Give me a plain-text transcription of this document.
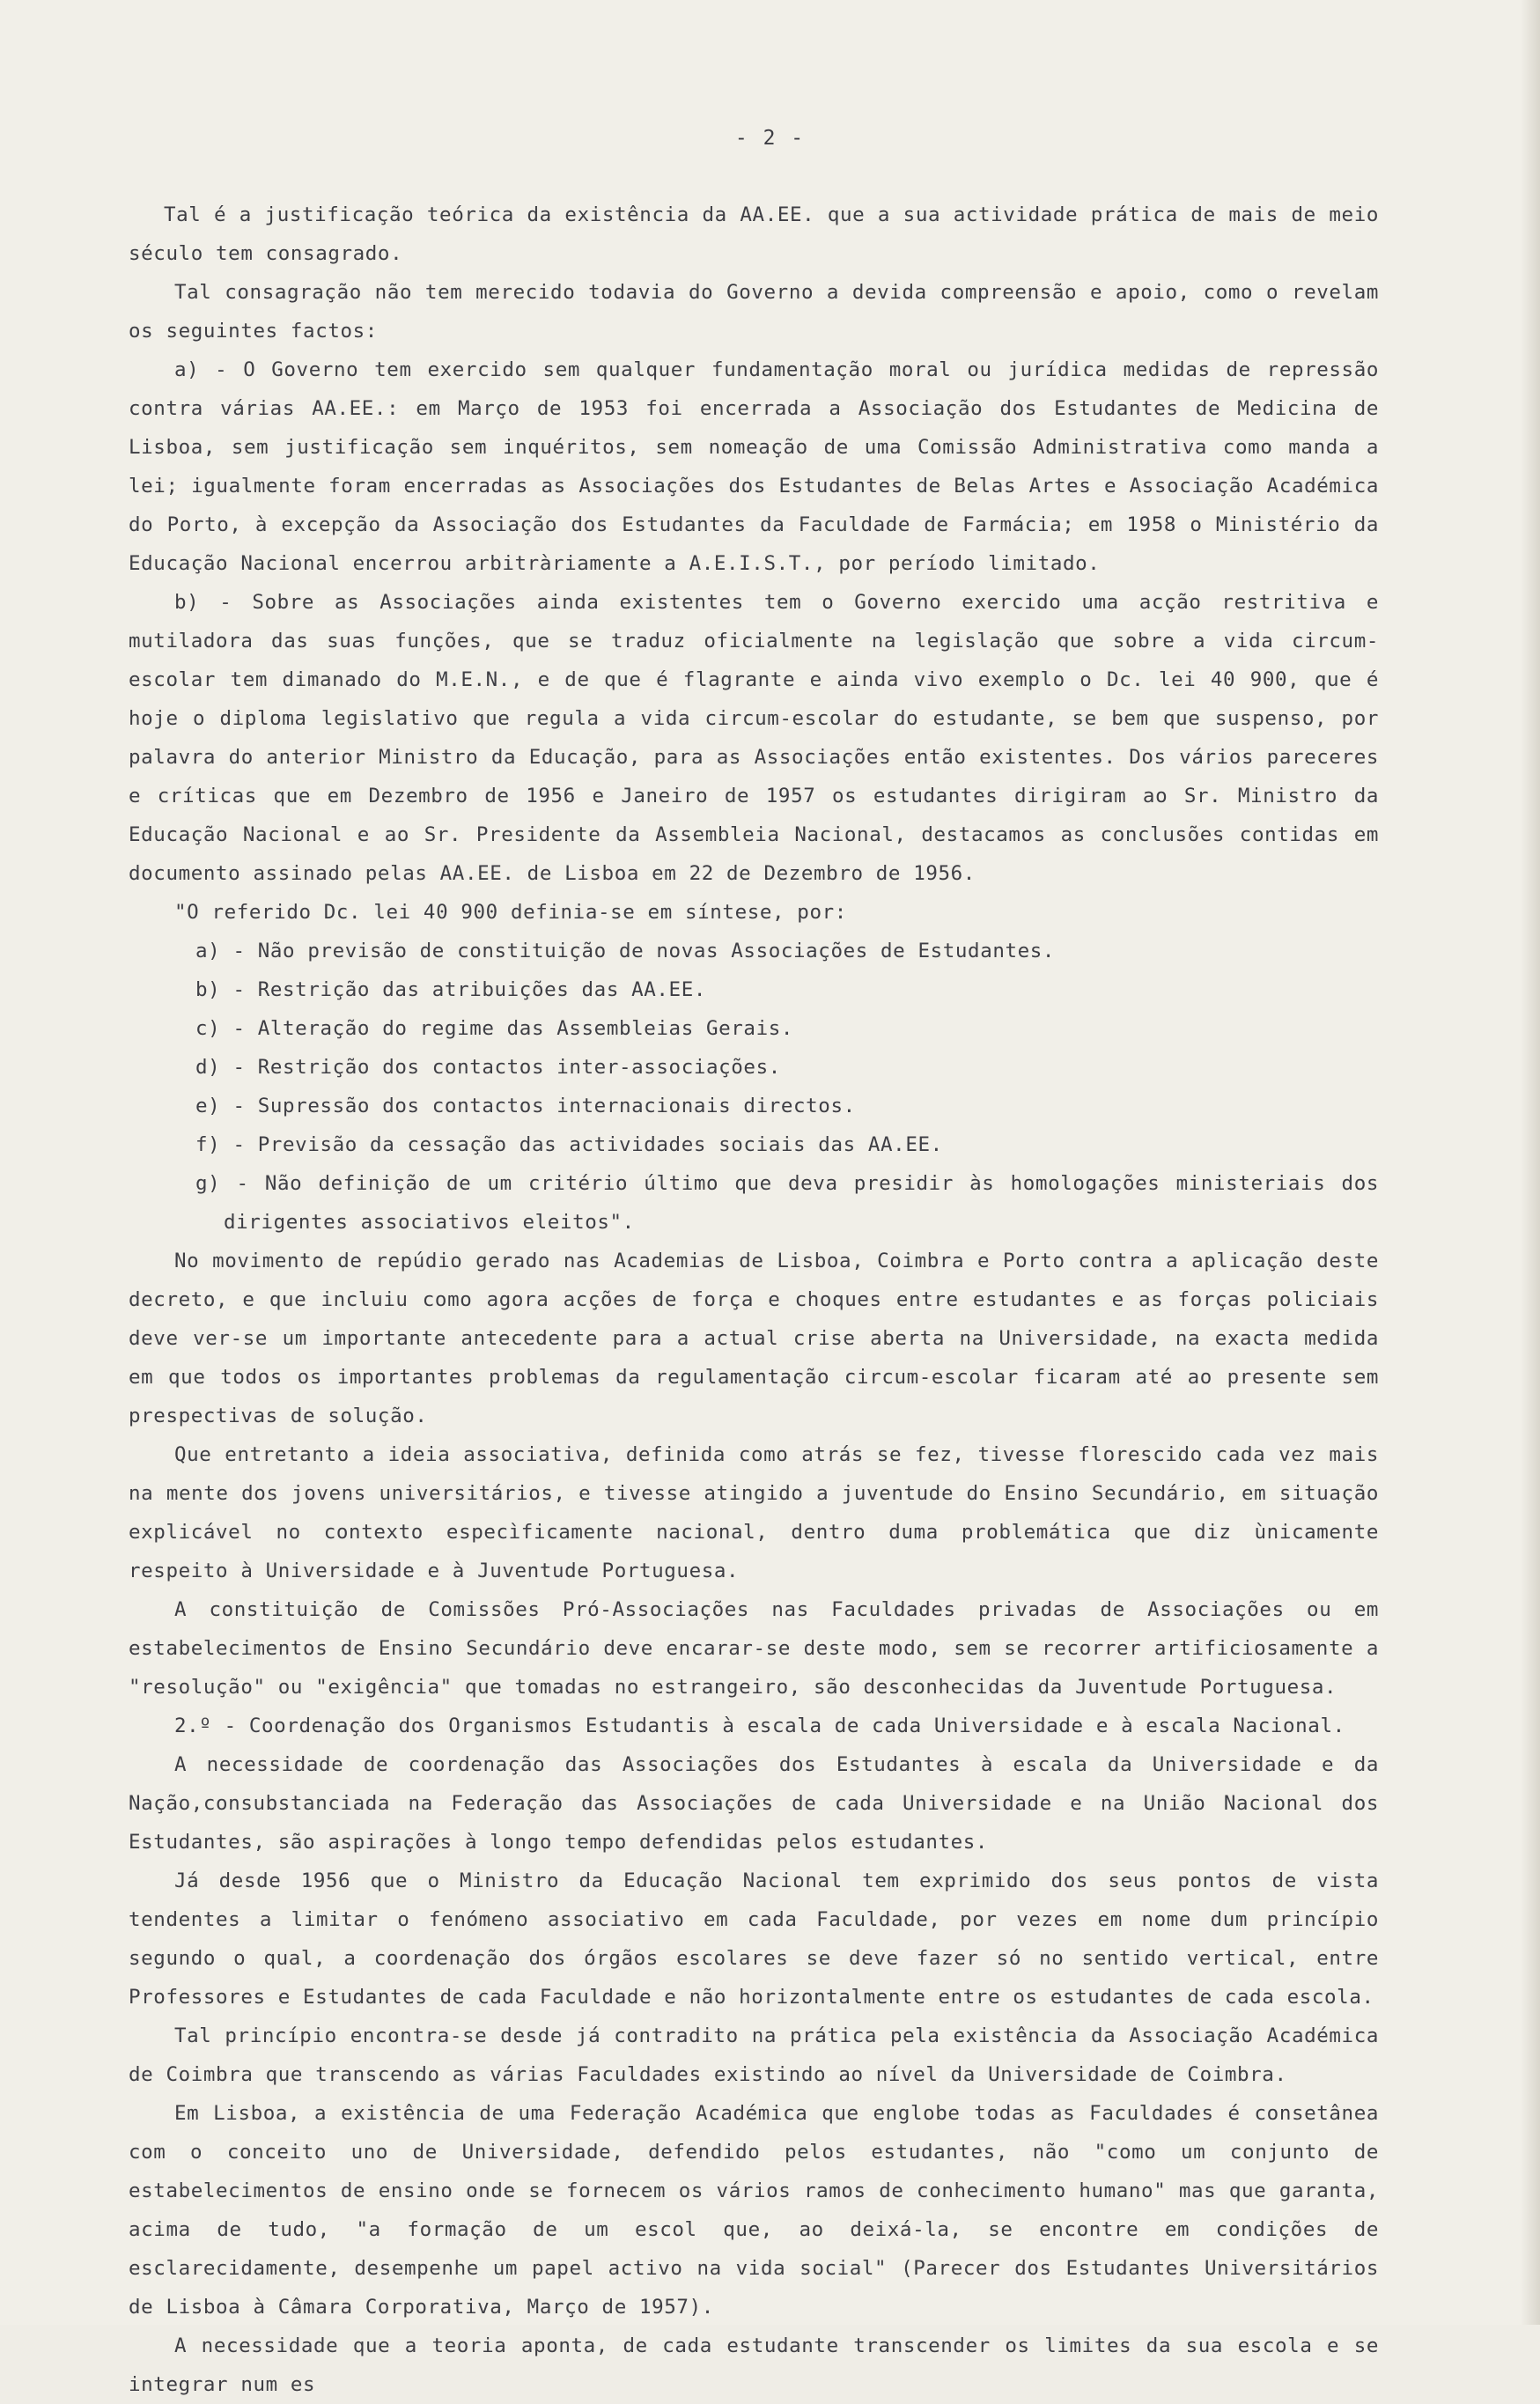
- 2 -

Tal é a justificação teórica da existência da AA.EE. que a sua actividade prática de mais de meio século tem consagrado.

Tal consagração não tem merecido todavia do Governo a devida compreensão e apoio, como o revelam os seguintes factos:

a) - O Governo tem exercido sem qualquer fundamentação moral ou jurídica medidas de repressão contra várias AA.EE.: em Março de 1953 foi encerrada a Associação dos Estudantes de Medicina de Lisboa, sem justificação sem inquéritos, sem nomeação de uma Comissão Administrativa como manda a lei; igualmente foram encerradas as Associações dos Estudantes de Belas Artes e Associação Académica do Porto, à excepção da Associação dos Estudantes da Faculdade de Farmácia; em 1958 o Ministério da Educação Nacional encerrou arbitràriamente a A.E.I.S.T., por período limitado.

b) - Sobre as Associações ainda existentes tem o Governo exercido uma acção restritiva e mutiladora das suas funções, que se traduz oficialmente na legislação que sobre a vida circum-escolar tem dimanado do M.E.N., e de que é flagrante e ainda vivo exemplo o Dc. lei 40 900, que é hoje o diploma legislativo que regula a vida circum-escolar do estudante, se bem que suspenso, por palavra do anterior Ministro da Educação, para as Associações então existentes. Dos vários pareceres e críticas que em Dezembro de 1956 e Janeiro de 1957 os estudantes dirigiram ao Sr. Ministro da Educação Nacional e ao Sr. Presidente da Assembleia Nacional, destacamos as conclusões contidas em documento assinado pelas AA.EE. de Lisboa em 22 de Dezembro de 1956.

"O referido Dc. lei 40 900 definia-se em síntese, por:

a) - Não previsão de constituição de novas Associações de Estudantes.

b) - Restrição das atribuições das AA.EE.

c) - Alteração do regime das Assembleias Gerais.

d) - Restrição dos contactos inter-associações.

e) - Supressão dos contactos internacionais directos.

f) - Previsão da cessação das actividades sociais das AA.EE.

g) - Não definição de um critério último que deva presidir às homologações ministeriais dos dirigentes associativos eleitos".

No movimento de repúdio gerado nas Academias de Lisboa, Coimbra e Porto contra a aplicação deste decreto, e que incluiu como agora acções de força e choques entre estudantes e as forças policiais deve ver-se um importante antecedente para a actual crise aberta na Universidade, na exacta medida em que todos os importantes problemas da regulamentação circum-escolar ficaram até ao presente sem prespectivas de solução.

Que entretanto a ideia associativa, definida como atrás se fez, tivesse florescido cada vez mais na mente dos jovens universitários, e tivesse atingido a juventude do Ensino Secundário, em situação explicável no contexto especìficamente nacional, dentro duma problemática que diz ùnicamente respeito à Universidade e à Juventude Portuguesa.

A constituição de Comissões Pró-Associações nas Faculdades privadas de Associações ou em estabelecimentos de Ensino Secundário deve encarar-se deste modo, sem se recorrer artificiosamente a "resolução" ou "exigência" que tomadas no estrangeiro, são desconhecidas da Juventude Portuguesa.

2.º - Coordenação dos Organismos Estudantis à escala de cada Universidade e à escala Nacional.

A necessidade de coordenação das Associações dos Estudantes à escala da Universidade e da Nação,consubstanciada na Federação das Associações de cada Universidade e na União Nacional dos Estudantes, são aspirações à longo tempo defendidas pelos estudantes.

Já desde 1956 que o Ministro da Educação Nacional tem exprimido dos seus pontos de vista tendentes a limitar o fenómeno associativo em cada Faculdade, por vezes em nome dum princípio segundo o qual, a coordenação dos órgãos escolares se deve fazer só no sentido vertical, entre Professores e Estudantes de cada Faculdade e não horizontalmente entre os estudantes de cada escola.

Tal princípio encontra-se desde já contradito na prática pela existência da Associação Académica de Coimbra que transcendo as várias Faculdades existindo ao nível da Universidade de Coimbra.

Em Lisboa, a existência de uma Federação Académica que englobe todas as Faculdades é consetânea com o conceito uno de Universidade, defendido pelos estudantes, não "como um conjunto de estabelecimentos de ensino onde se fornecem os vários ramos de conhecimento humano" mas que garanta, acima de tudo, "a formação de um escol que, ao deixá-la, se encontre em condições de esclarecidamente, desempenhe um papel activo na vida social" (Parecer dos Estudantes Universitários de Lisboa à Câmara Corporativa, Março de 1957).

A necessidade que a teoria aponta, de cada estudante transcender os limites da sua escola e se integrar num es
